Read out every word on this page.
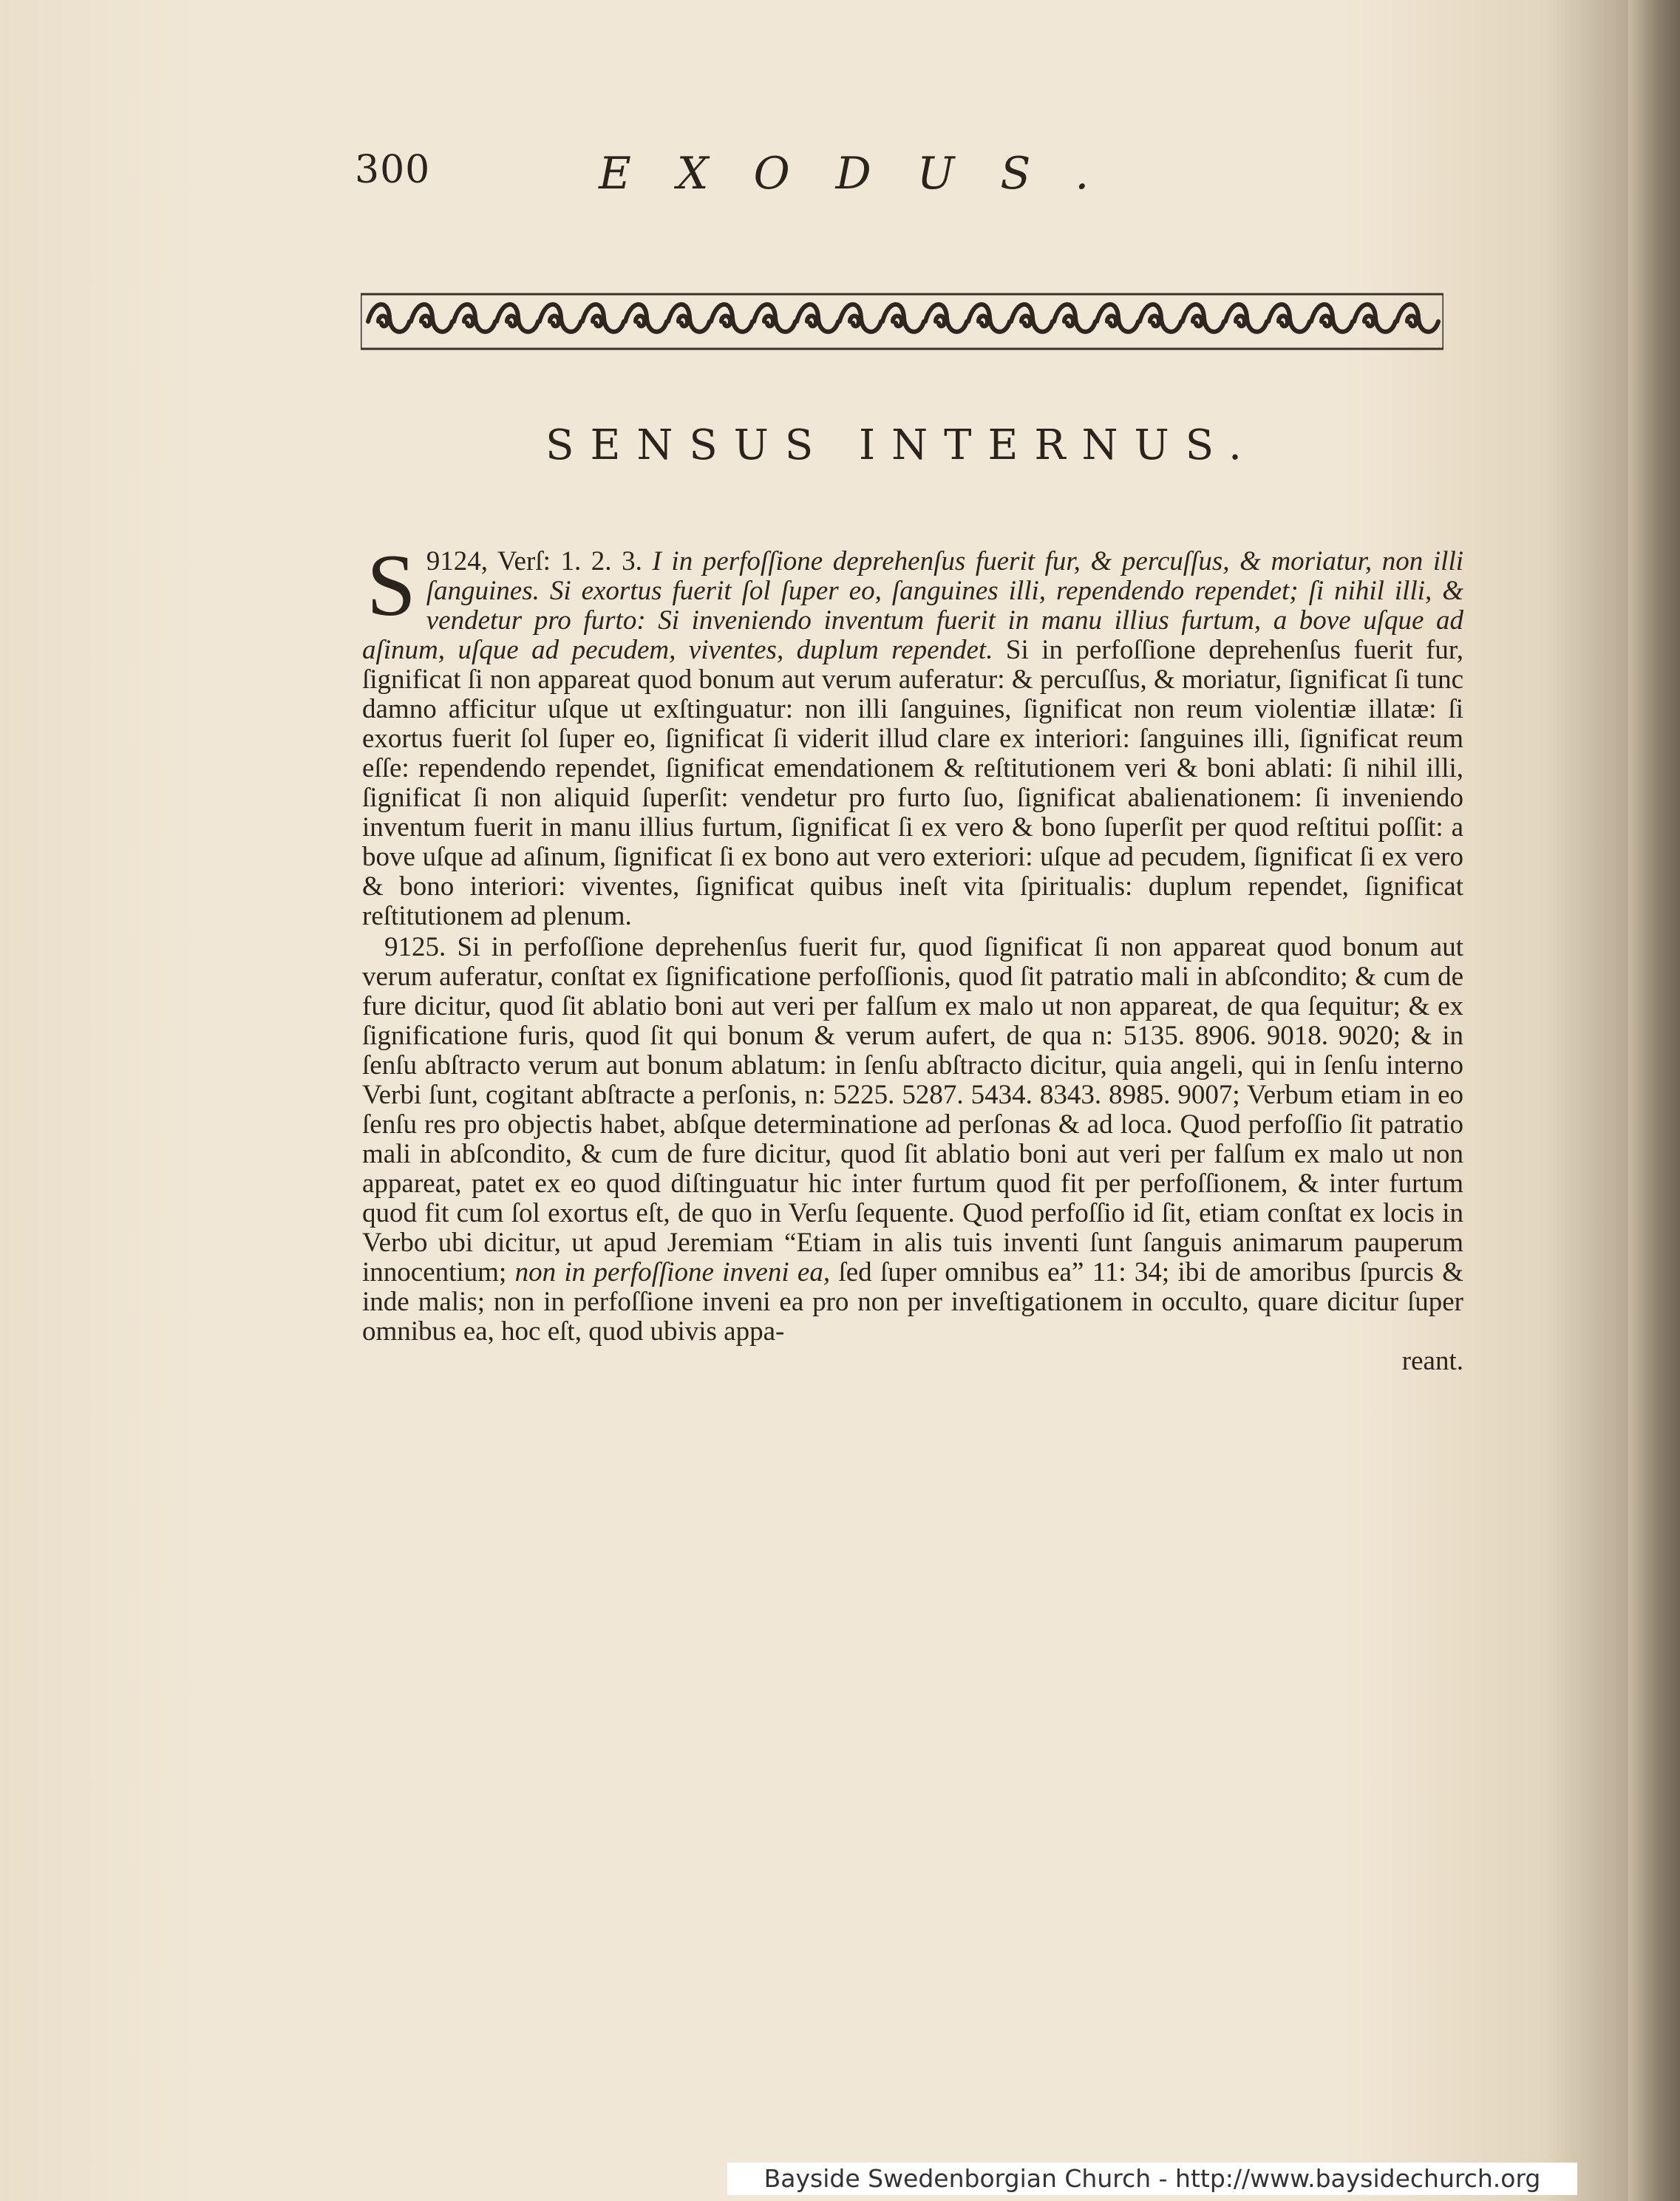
300	EXODUS.
SENSUS INTERNUS.

9124, Verſ: 1. 2. 3.
S	I in perfoſſione deprehenſus fuerit fur, & percuſſus, & moriatur, non illi ſanguines. Si exortus fuerit ſol ſuper eo, ſanguines illi, rependendo rependet; ſi nihil illi, & vendetur pro furto: Si inveniendo inventum fuerit in manu illius furtum, a bove uſque ad aſinum, uſque ad pecudem, viventes, duplum rependet. Si in perfoſſione deprehenſus fuerit fur, ſignificat ſi non appareat quod bonum aut verum auferatur: & percuſſus, & moriatur, ſignificat ſi tunc damno afficitur uſque ut exſtinguatur: non illi ſanguines, ſignificat non reum violentiæ illatæ: ſi exortus fuerit ſol ſuper eo, ſignificat ſi viderit illud clare ex interiori: ſanguines illi, ſignificat reum eſſe: rependendo rependet, ſignificat emendationem & reſtitutionem veri & boni ablati: ſi nihil illi, ſignificat ſi non aliquid ſuperſit: vendetur pro furto ſuo, ſignificat abalienationem: ſi inveniendo inventum fuerit in manu illius furtum, ſignificat ſi ex vero & bono ſuperſit per quod reſtitui poſſit: a bove uſque ad aſinum, ſignificat ſi ex bono aut vero exteriori: uſque ad pecudem, ſignificat ſi ex vero & bono interiori: viventes, ſignificat quibus ineſt vita ſpiritualis: duplum rependet, ſignificat reſtitutionem ad plenum.

9125. Si in perfoſſione deprehenſus fuerit fur, quod ſignificat ſi non appareat quod bonum aut verum auferatur, conſtat ex ſignificatione perfoſſionis, quod ſit patratio mali in abſcondito; & cum de fure dicitur, quod ſit ablatio boni aut veri per falſum ex malo ut non appareat, de qua ſequitur; & ex ſignificatione furis, quod ſit qui bonum & verum aufert, de qua n: 5135. 8906. 9018. 9020; & in ſenſu abſtracto verum aut bonum ablatum: in ſenſu abſtracto dicitur, quia angeli, qui in ſenſu interno Verbi ſunt, cogitant abſtracte a perſonis, n: 5225. 5287. 5434. 8343. 8985. 9007; Verbum etiam in eo ſenſu res pro objectis habet, abſque determinatione ad perſonas & ad loca. Quod perfoſſio ſit patratio mali in abſcondito, & cum de fure dicitur, quod ſit ablatio boni aut veri per falſum ex malo ut non appareat, patet ex eo quod diſtinguatur hic inter furtum quod fit per perfoſſionem, & inter furtum quod fit cum ſol exortus eſt, de quo in Verſu ſequente. Quod perfoſſio id ſit, etiam conſtat ex locis in Verbo ubi dicitur, ut apud Jeremiam “Etiam in alis tuis inventi ſunt ſanguis animarum pauperum innocentium; non in perfoſſione inveni ea, ſed ſuper omnibus ea” 11: 34; ibi de amoribus ſpurcis & inde malis; non in perfoſſione inveni ea pro non per inveſtigationem in occulto, quare dicitur ſuper omnibus ea, hoc eſt, quod ubivis appa-

reant.

Bayside Swedenborgian Church - http://www.baysidechurch.org
